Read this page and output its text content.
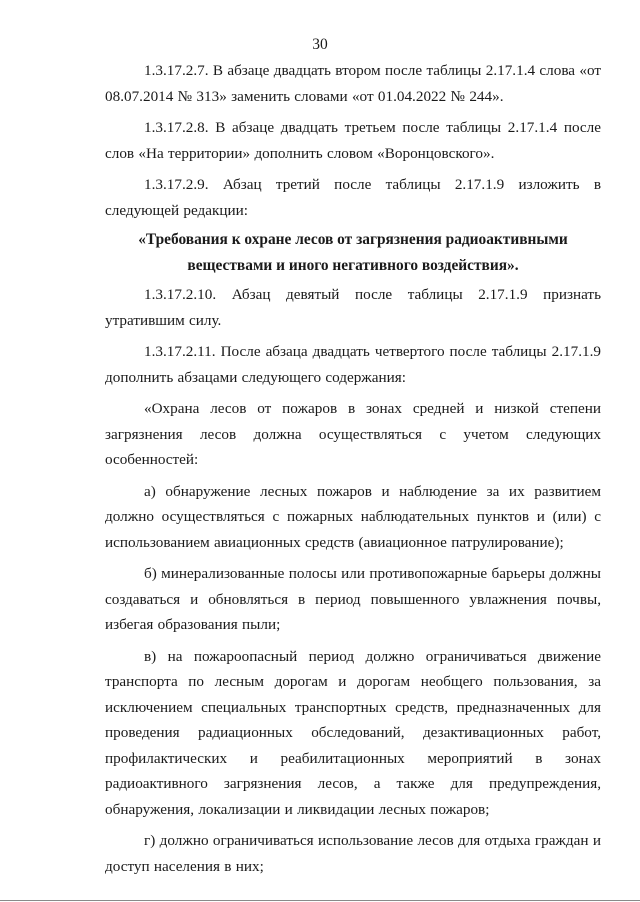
30

1.3.17.2.7. В абзаце двадцать втором после таблицы 2.17.1.4 слова «от 08.07.2014 № 313» заменить словами «от 01.04.2022 № 244».

1.3.17.2.8. В абзаце двадцать третьем после таблицы 2.17.1.4 после слов «На территории» дополнить словом «Воронцовского».

1.3.17.2.9. Абзац третий после таблицы 2.17.1.9 изложить в следующей редакции:

«Требования к охране лесов от загрязнения радиоактивными веществами и иного негативного воздействия».

1.3.17.2.10. Абзац девятый после таблицы 2.17.1.9 признать утратившим силу.

1.3.17.2.11. После абзаца двадцать четвертого после таблицы 2.17.1.9 дополнить абзацами следующего содержания:

«Охрана лесов от пожаров в зонах средней и низкой степени загрязнения лесов должна осуществляться с учетом следующих особенностей:

а) обнаружение лесных пожаров и наблюдение за их развитием должно осуществляться с пожарных наблюдательных пунктов и (или) с использованием авиационных средств (авиационное патрулирование);

б) минерализованные полосы или противопожарные барьеры должны создаваться и обновляться в период повышенного увлажнения почвы, избегая образования пыли;

в) на пожароопасный период должно ограничиваться движение транспорта по лесным дорогам и дорогам необщего пользования, за исключением специальных транспортных средств, предназначенных для проведения радиационных обследований, дезактивационных работ, профилактических и реабилитационных мероприятий в зонах радиоактивного загрязнения лесов, а также для предупреждения, обнаружения, локализации и ликвидации лесных пожаров;

г) должно ограничиваться использование лесов для отдыха граждан и доступ населения в них;
